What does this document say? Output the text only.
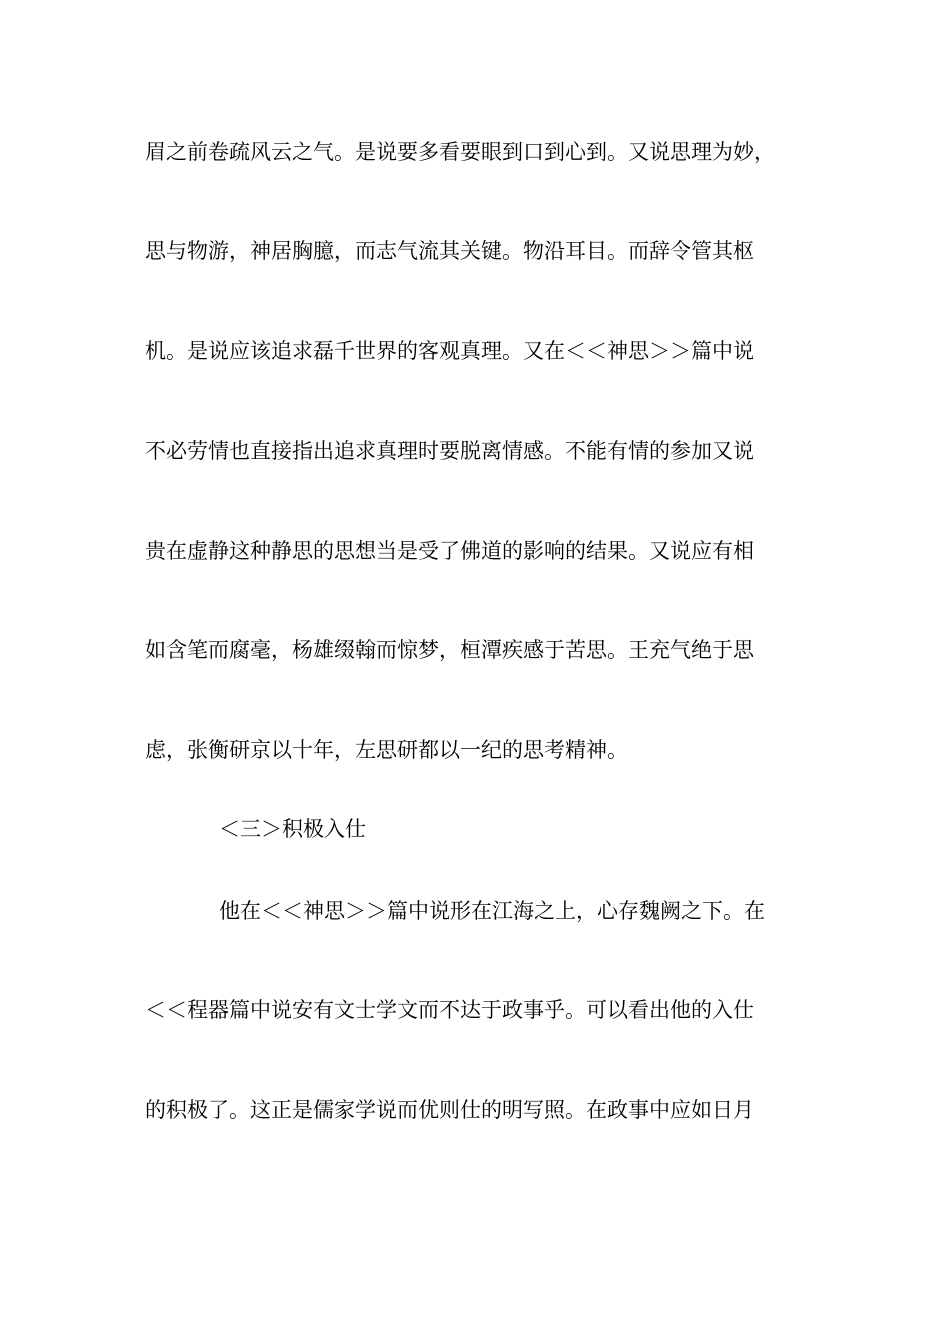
眉之前卷疏风云之气。是说要多看要眼到口到心到。又说思理为妙，
思与物游，神居胸臆，而志气流其关键。物沿耳目。而辞令管其枢
机。是说应该追求磊千世界的客观真理。又在＜＜神思＞＞篇中说
不必劳情也直接指出追求真理时要脱离情感。不能有情的参加又说
贵在虚静这种静思的思想当是受了佛道的影响的结果。又说应有相
如含笔而腐毫，杨雄缀翰而惊梦，桓潭疾感于苦思。王充气绝于思
虑，张衡研京以十年，左思研都以一纪的思考精神。
＜三＞积极入仕
他在＜＜神思＞＞篇中说形在江海之上，心存魏阙之下。在
＜＜程器篇中说安有文士学文而不达于政事乎。可以看出他的入仕
的积极了。这正是儒家学说而优则仕的明写照。在政事中应如日月
